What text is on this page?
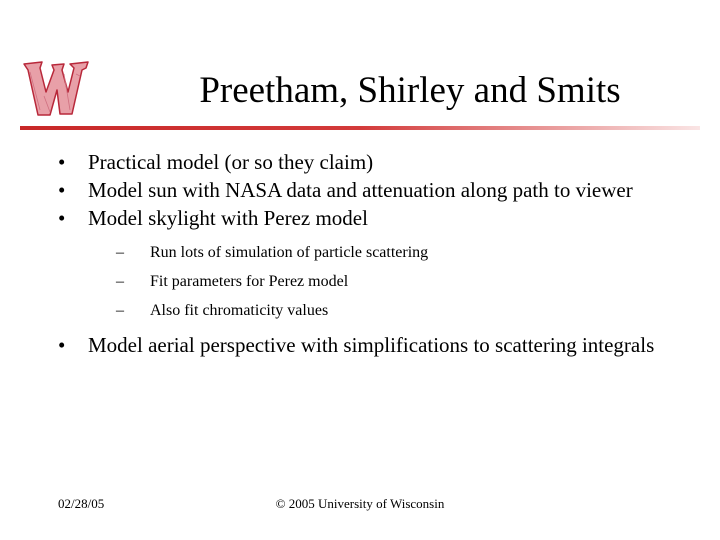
Preetham, Shirley and Smits
• Practical model (or so they claim)
• Model sun with NASA data and attenuation along path to viewer
• Model skylight with Perez model
– Run lots of simulation of particle scattering
– Fit parameters for Perez model
– Also fit chromaticity values
• Model aerial perspective with simplifications to scattering integrals
© 2005 University of Wisconsin
02/28/05
